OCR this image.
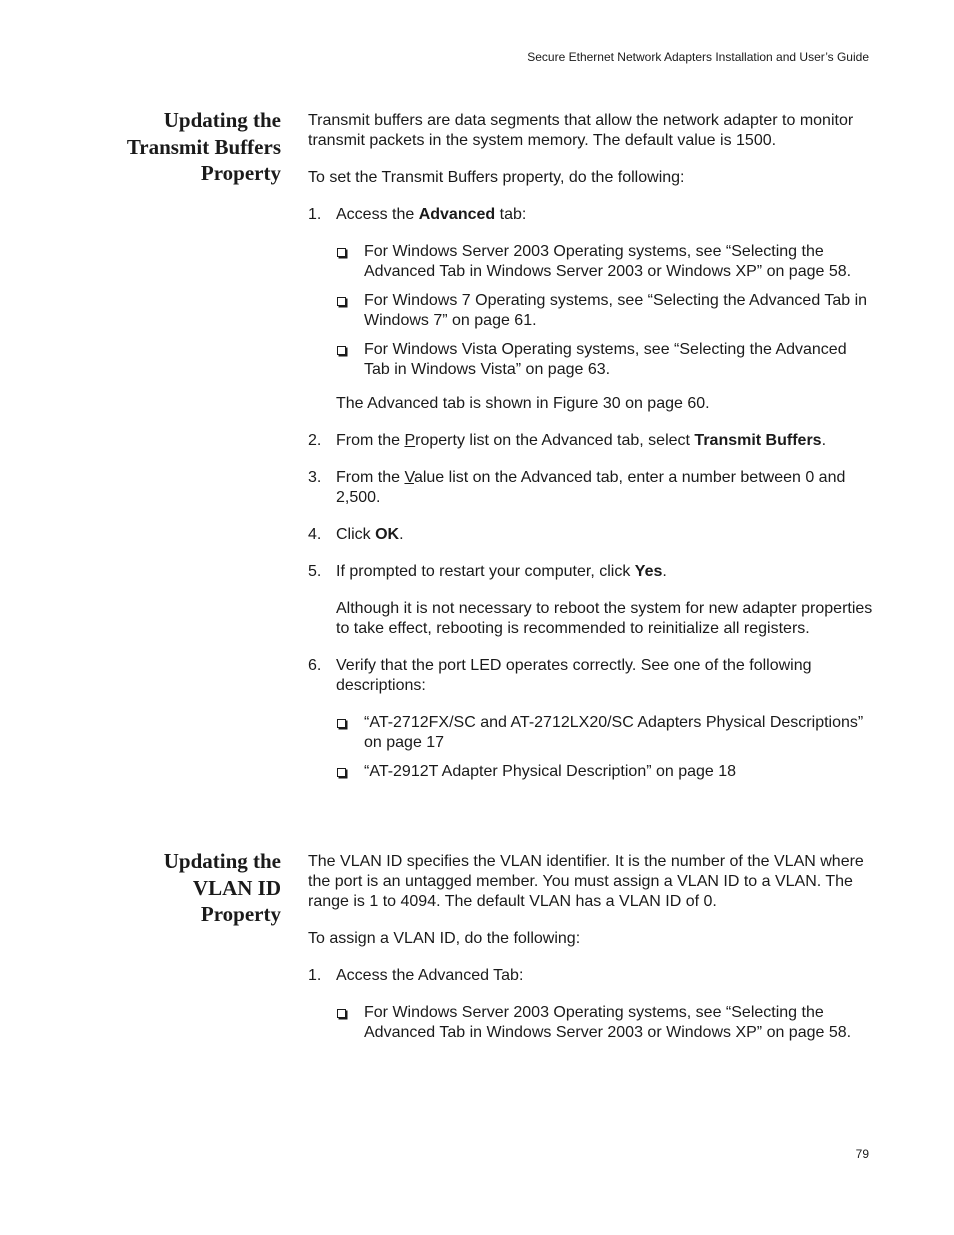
Secure Ethernet Network Adapters Installation and User’s Guide
Updating the
Transmit Buffers
Property

Transmit buffers are data segments that allow the network adapter to monitor transmit packets in the system memory. The default value is 1500.

To set the Transmit Buffers property, do the following:

1. Access the Advanced tab:
For Windows Server 2003 Operating systems, see “Selecting the Advanced Tab in Windows Server 2003 or Windows XP” on page 58.
For Windows 7 Operating systems, see “Selecting the Advanced Tab in Windows 7” on page 61.
For Windows Vista Operating systems, see “Selecting the Advanced Tab in Windows Vista” on page 63.

The Advanced tab is shown in Figure 30 on page 60.

2. From the Property list on the Advanced tab, select Transmit Buffers.
3. From the Value list on the Advanced tab, enter a number between 0 and 2,500.
4. Click OK.
5. If prompted to restart your computer, click Yes.

Although it is not necessary to reboot the system for new adapter properties to take effect, rebooting is recommended to reinitialize all registers.

6. Verify that the port LED operates correctly. See one of the following descriptions:
“AT-2712FX/SC and AT-2712LX20/SC Adapters Physical Descriptions” on page 17
“AT-2912T Adapter Physical Description” on page 18
Updating the
VLAN ID
Property

The VLAN ID specifies the VLAN identifier. It is the number of the VLAN where the port is an untagged member. You must assign a VLAN ID to a VLAN. The range is 1 to 4094. The default VLAN has a VLAN ID of 0.

To assign a VLAN ID, do the following:

1. Access the Advanced Tab:
For Windows Server 2003 Operating systems, see “Selecting the Advanced Tab in Windows Server 2003 or Windows XP” on page 58.
79
